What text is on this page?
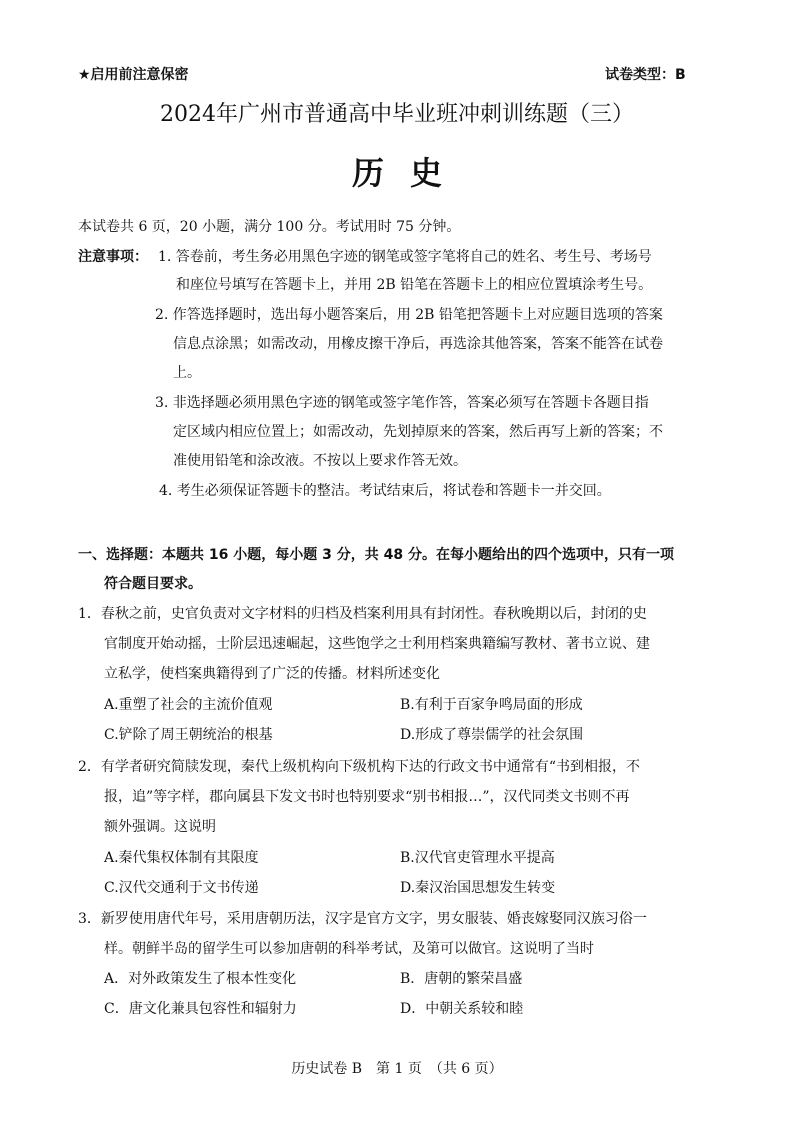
★启用前注意保密	试卷类型：B
2024年广州市普通高中毕业班冲刺训练题（三）
历史
本试卷共 6 页，20 小题，满分 100 分。考试用时 75 分钟。
注意事项： 1. 答卷前，考生务必用黑色字迹的钢笔或签字笔将自己的姓名、考生号、考场号
和座位号填写在答题卡上，并用 2B 铅笔在答题卡上的相应位置填涂考生号。
2. 作答选择题时，选出每小题答案后，用 2B 铅笔把答题卡上对应题目选项的答案
信息点涂黑；如需改动，用橡皮擦干净后，再选涂其他答案，答案不能答在试卷
上。
3. 非选择题必须用黑色字迹的钢笔或签字笔作答，答案必须写在答题卡各题目指
定区域内相应位置上；如需改动，先划掉原来的答案，然后再写上新的答案；不
准使用铅笔和涂改液。不按以上要求作答无效。
4. 考生必须保证答题卡的整洁。考试结束后，将试卷和答题卡一并交回。
一、选择题：本题共 16 小题，每小题 3 分，共 48 分。在每小题给出的四个选项中，只有一项
符合题目要求。
1．春秋之前，史官负责对文字材料的归档及档案利用具有封闭性。春秋晚期以后，封闭的史
官制度开始动摇，士阶层迅速崛起，这些饱学之士利用档案典籍编写教材、著书立说、建
立私学，使档案典籍得到了广泛的传播。材料所述变化
A.重塑了社会的主流价值观	B.有利于百家争鸣局面的形成
C.铲除了周王朝统治的根基	D.形成了尊崇儒学的社会氛围
2．有学者研究简牍发现，秦代上级机构向下级机构下达的行政文书中通常有“书到相报，不
报，追”等字样，郡向属县下发文书时也特别要求“别书相报…”，汉代同类文书则不再
额外强调。这说明
A.秦代集权体制有其限度	B.汉代官吏管理水平提高
C.汉代交通利于文书传递	D.秦汉治国思想发生转变
3．新罗使用唐代年号，采用唐朝历法，汉字是官方文字，男女服装、婚丧嫁娶同汉族习俗一
样。朝鲜半岛的留学生可以参加唐朝的科举考试，及第可以做官。这说明了当时
A．对外政策发生了根本性变化	B．唐朝的繁荣昌盛
C．唐文化兼具包容性和辐射力	D．中朝关系较和睦
历史试卷 B　第 1 页　（共 6 页）
